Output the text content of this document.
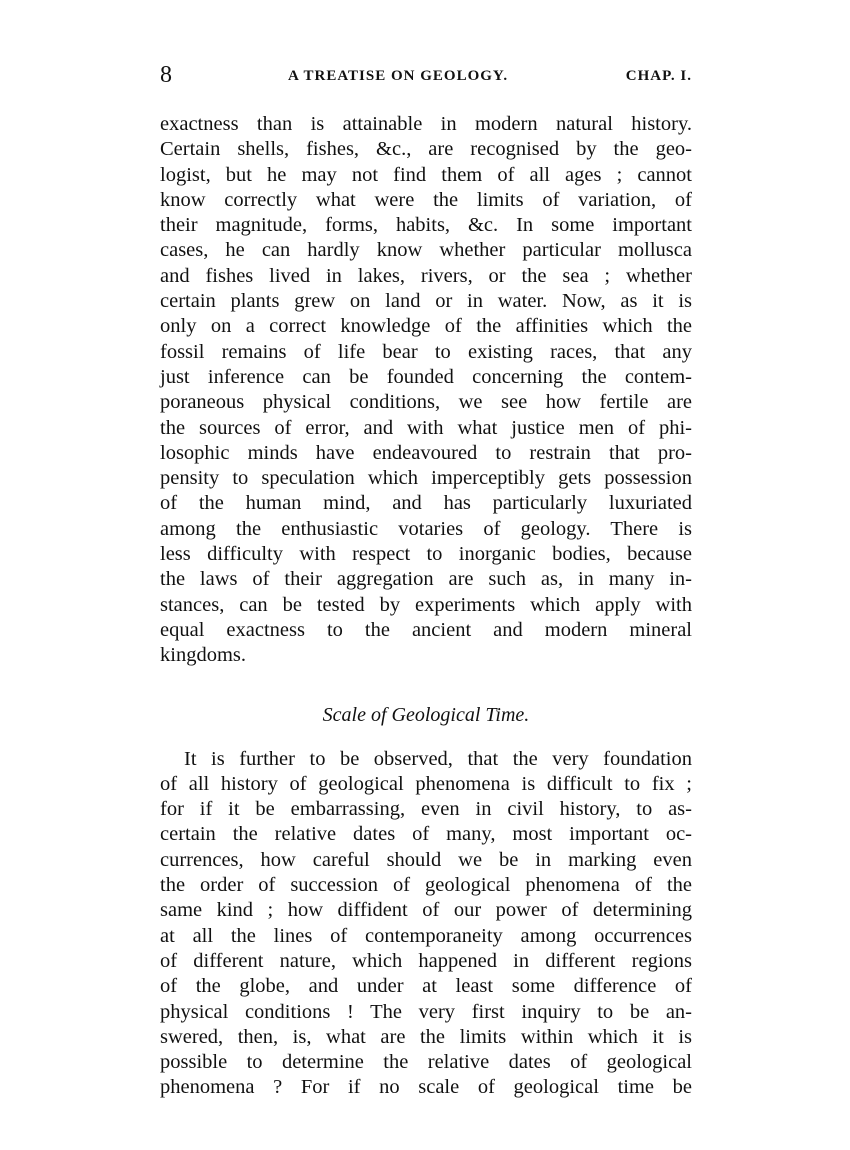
8	A TREATISE ON GEOLOGY.	CHAP. I.
exactness than is attainable in modern natural history.
Certain shells, fishes, &c., are recognised by the geo-
logist, but he may not find them of all ages ; cannot
know correctly what were the limits of variation, of
their magnitude, forms, habits, &c. In some important
cases, he can hardly know whether particular mollusca
and fishes lived in lakes, rivers, or the sea ; whether
certain plants grew on land or in water. Now, as it is
only on a correct knowledge of the affinities which the
fossil remains of life bear to existing races, that any
just inference can be founded concerning the contem-
poraneous physical conditions, we see how fertile are
the sources of error, and with what justice men of phi-
losophic minds have endeavoured to restrain that pro-
pensity to speculation which imperceptibly gets possession
of the human mind, and has particularly luxuriated
among the enthusiastic votaries of geology. There is
less difficulty with respect to inorganic bodies, because
the laws of their aggregation are such as, in many in-
stances, can be tested by experiments which apply with
equal exactness to the ancient and modern mineral
kingdoms.
Scale of Geological Time.
It is further to be observed, that the very foundation
of all history of geological phenomena is difficult to fix ;
for if it be embarrassing, even in civil history, to as-
certain the relative dates of many, most important oc-
currences, how careful should we be in marking even
the order of succession of geological phenomena of the
same kind ; how diffident of our power of determining
at all the lines of contemporaneity among occurrences
of different nature, which happened in different regions
of the globe, and under at least some difference of
physical conditions ! The very first inquiry to be an-
swered, then, is, what are the limits within which it is
possible to determine the relative dates of geological
phenomena ? For if no scale of geological time be
